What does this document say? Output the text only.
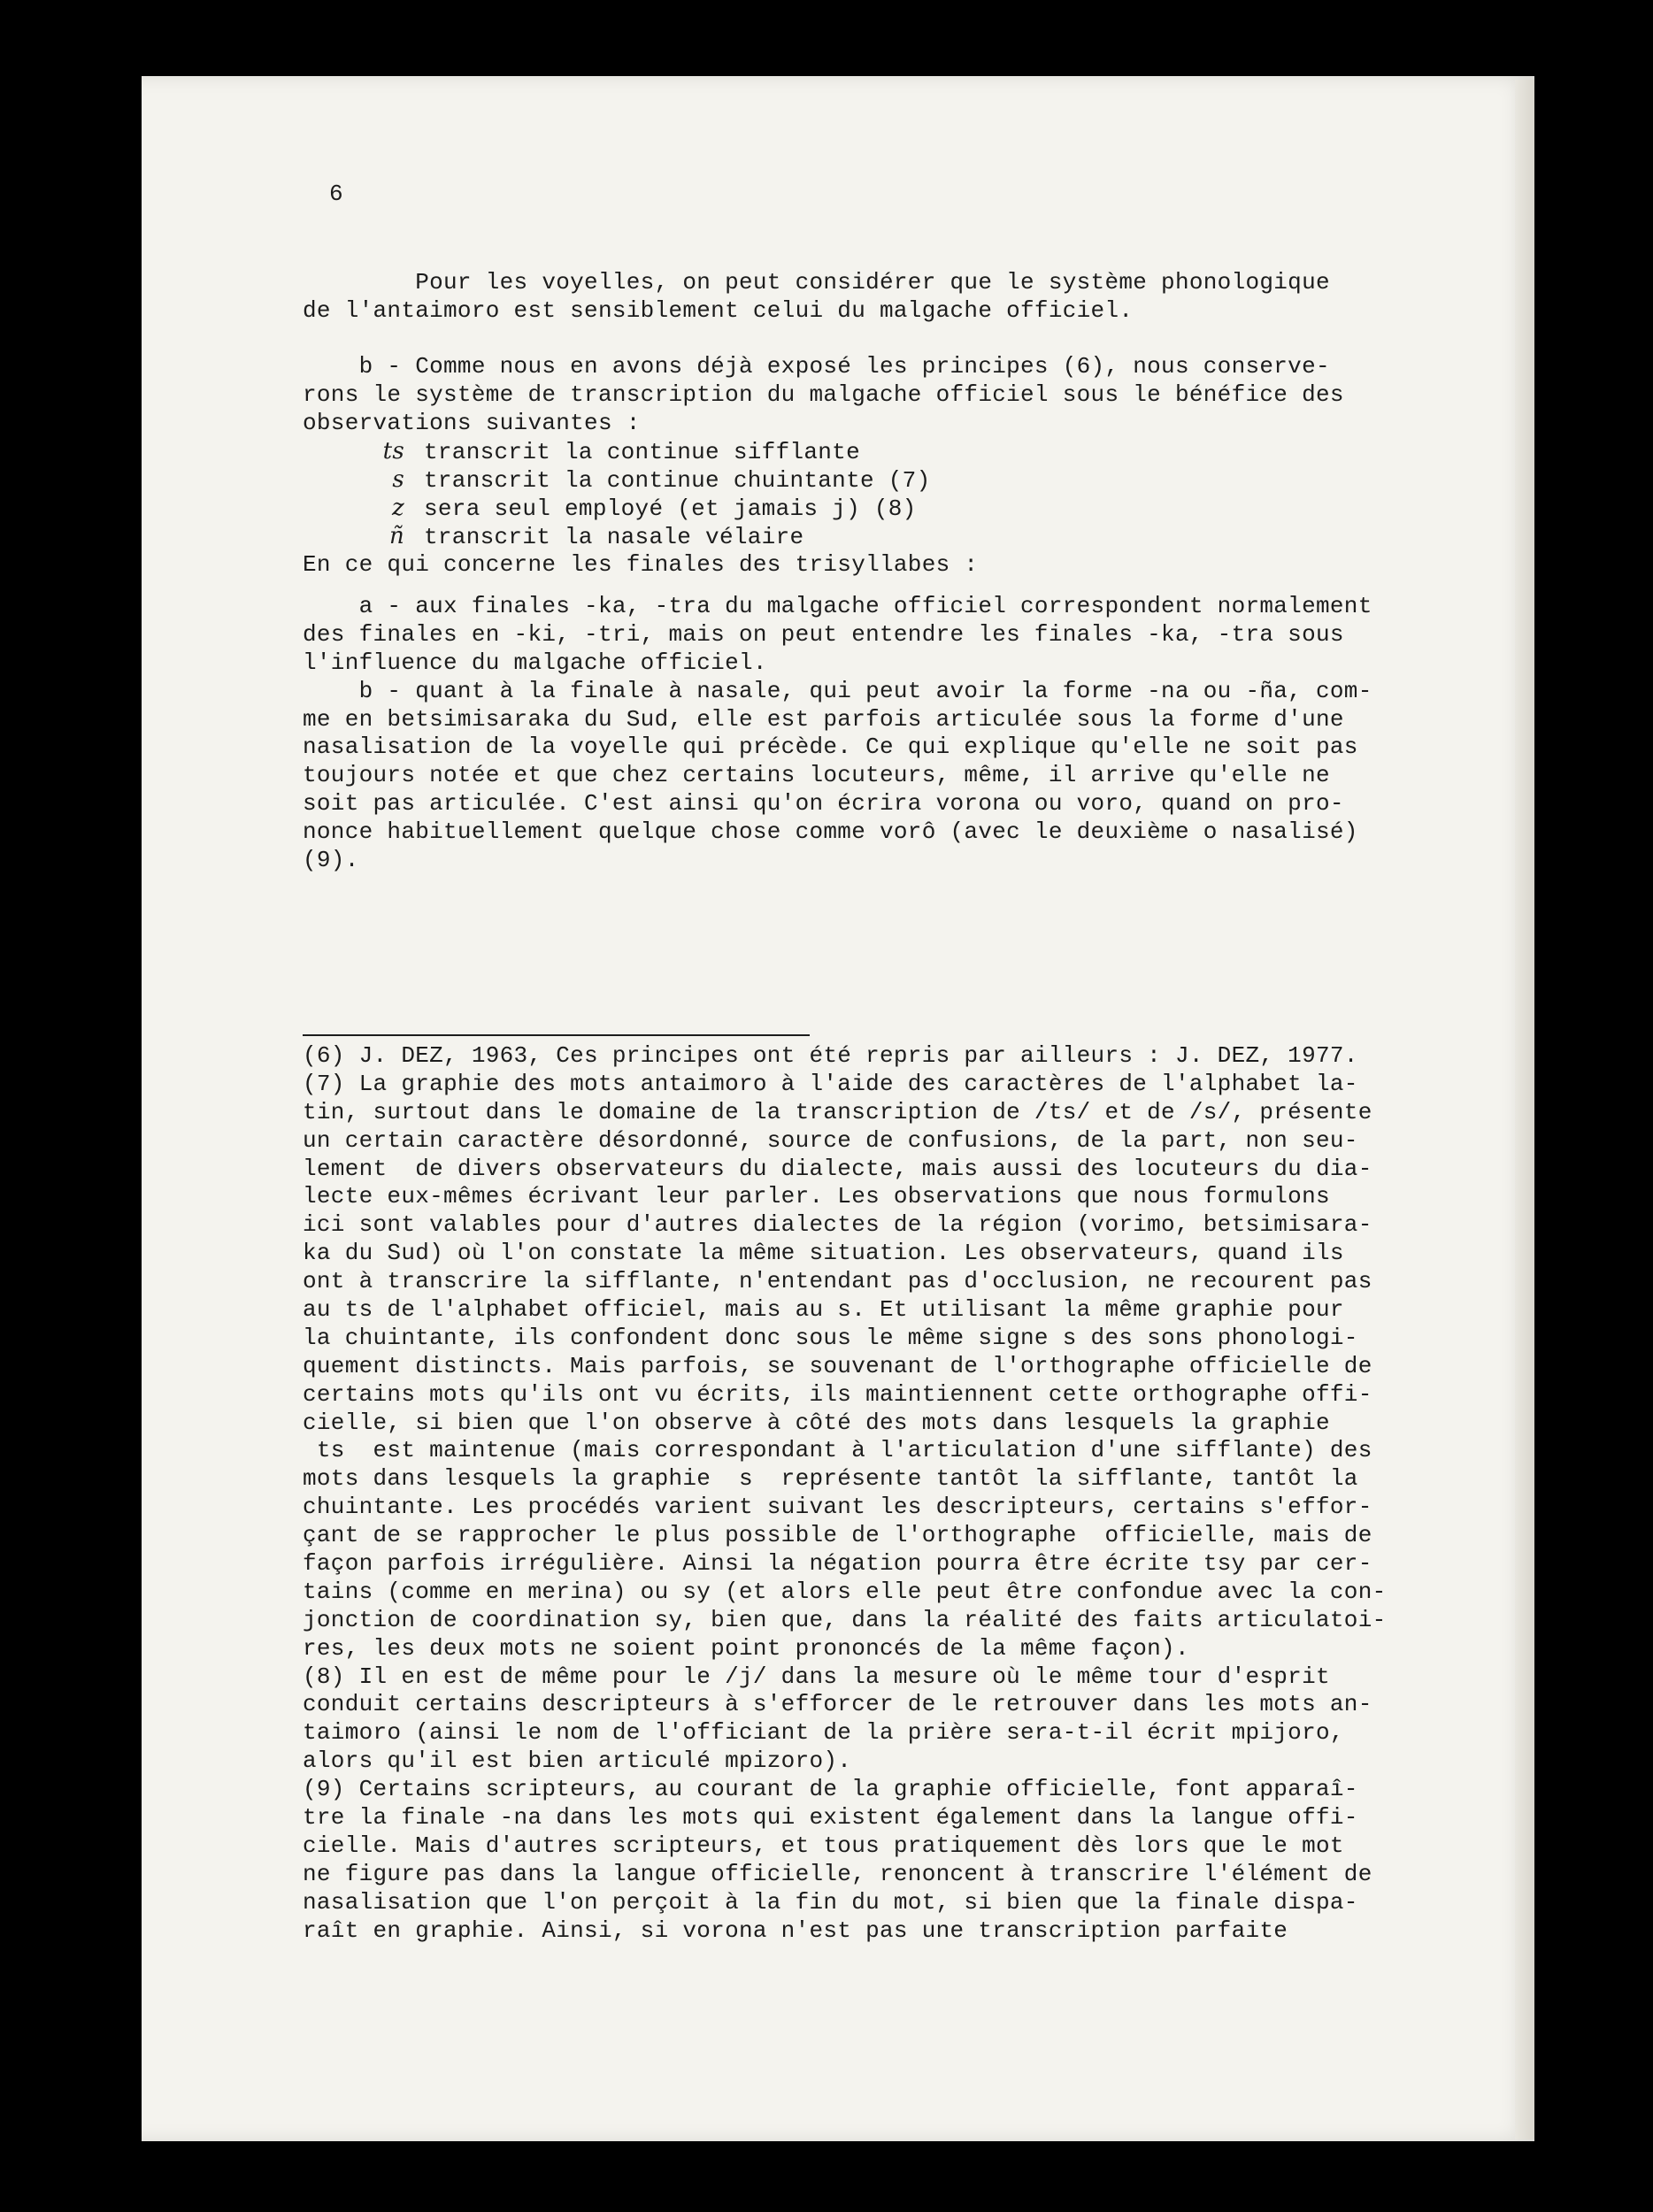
6
Pour les voyelles, on peut considérer que le système phonologique
de l'antaimoro est sensiblement celui du malgache officiel.
b - Comme nous en avons déjà exposé les principes (6), nous conserve-
rons le système de transcription du malgache officiel sous le bénéfice des
observations suivantes :
ts transcrit la continue sifflante
s transcrit la continue chuintante (7)
z sera seul employé (et jamais j) (8)
ñ transcrit la nasale vélaire
En ce qui concerne les finales des trisyllabes :
a - aux finales -ka, -tra du malgache officiel correspondent normalement
des finales en -ki, -tri, mais on peut entendre les finales -ka, -tra sous
l'influence du malgache officiel.
b - quant à la finale à nasale, qui peut avoir la forme -na ou -ña, com-
me en betsimisaraka du Sud, elle est parfois articulée sous la forme d'une
nasalisation de la voyelle qui précède. Ce qui explique qu'elle ne soit pas
toujours notée et que chez certains locuteurs, même, il arrive qu'elle ne
soit pas articulée. C'est ainsi qu'on écrira vorona ou voro, quand on pro-
nonce habituellement quelque chose comme vorô (avec le deuxième o nasalisé)
(9).
(6) J. DEZ, 1963, Ces principes ont été repris par ailleurs : J. DEZ, 1977.
(7) La graphie des mots antaimoro à l'aide des caractères de l'alphabet la-
tin, surtout dans le domaine de la transcription de /ts/ et de /s/, présente
un certain caractère désordonné, source de confusions, de la part, non seu-
lement  de divers observateurs du dialecte, mais aussi des locuteurs du dia-
lecte eux-mêmes écrivant leur parler. Les observations que nous formulons
ici sont valables pour d'autres dialectes de la région (vorimo, betsimisara-
ka du Sud) où l'on constate la même situation. Les observateurs, quand ils
ont à transcrire la sifflante, n'entendant pas d'occlusion, ne recourent pas
au ts de l'alphabet officiel, mais au s. Et utilisant la même graphie pour
la chuintante, ils confondent donc sous le même signe s des sons phonologi-
quement distincts. Mais parfois, se souvenant de l'orthographe officielle de
certains mots qu'ils ont vu écrits, ils maintiennent cette orthographe offi-
cielle, si bien que l'on observe à côté des mots dans lesquels la graphie
ts  est maintenue (mais correspondant à l'articulation d'une sifflante) des
mots dans lesquels la graphie  s  représente tantôt la sifflante, tantôt la
chuintante. Les procédés varient suivant les descripteurs, certains s'effor-
çant de se rapprocher le plus possible de l'orthographe  officielle, mais de
façon parfois irrégulière. Ainsi la négation pourra être écrite tsy par cer-
tains (comme en merina) ou sy (et alors elle peut être confondue avec la con-
jonction de coordination sy, bien que, dans la réalité des faits articulatoi-
res, les deux mots ne soient point prononcés de la même façon).
(8) Il en est de même pour le /j/ dans la mesure où le même tour d'esprit
conduit certains descripteurs à s'efforcer de le retrouver dans les mots an-
taimoro (ainsi le nom de l'officiant de la prière sera-t-il écrit mpijoro,
alors qu'il est bien articulé mpizoro).
(9) Certains scripteurs, au courant de la graphie officielle, font apparaî-
tre la finale -na dans les mots qui existent également dans la langue offi-
cielle. Mais d'autres scripteurs, et tous pratiquement dès lors que le mot
ne figure pas dans la langue officielle, renoncent à transcrire l'élément de
nasalisation que l'on perçoit à la fin du mot, si bien que la finale dispa-
raît en graphie. Ainsi, si vorona n'est pas une transcription parfaite
